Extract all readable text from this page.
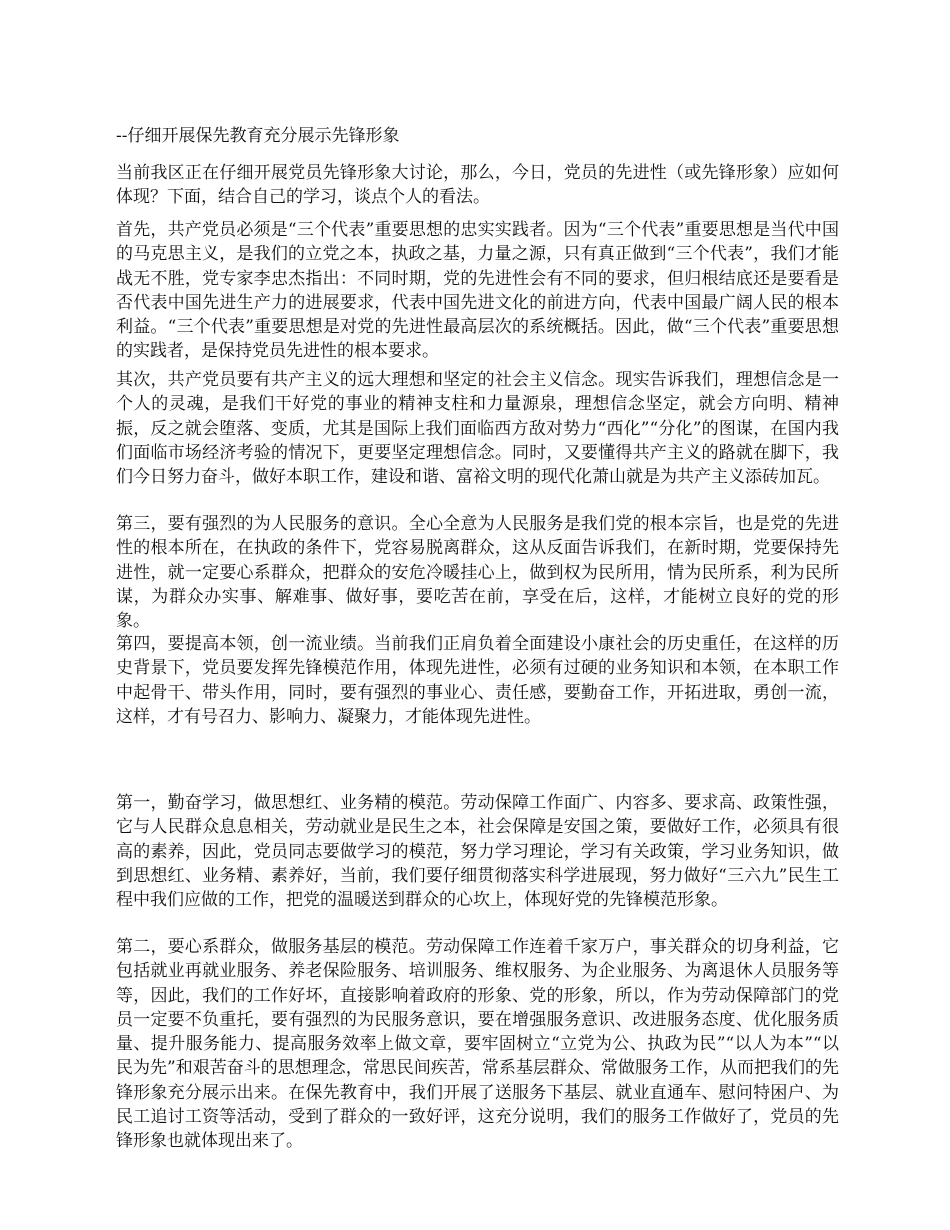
--仔细开展保先教育充分展示先锋形象

当前我区正在仔细开展党员先锋形象大讨论，那么，今日，党员的先进性（或先锋形象）应如何体现？下面，结合自己的学习，谈点个人的看法。

首先，共产党员必须是“三个代表”重要思想的忠实实践者。因为“三个代表”重要思想是当代中国的马克思主义，是我们的立党之本，执政之基，力量之源，只有真正做到“三个代表”，我们才能战无不胜，党专家李忠杰指出：不同时期，党的先进性会有不同的要求，但归根结底还是要看是否代表中国先进生产力的进展要求，代表中国先进文化的前进方向，代表中国最广阔人民的根本利益。“三个代表”重要思想是对党的先进性最高层次的系统概括。因此，做“三个代表”重要思想的实践者，是保持党员先进性的根本要求。

其次，共产党员要有共产主义的远大理想和坚定的社会主义信念。现实告诉我们，理想信念是一个人的灵魂，是我们干好党的事业的精神支柱和力量源泉，理想信念坚定，就会方向明、精神振，反之就会堕落、变质，尤其是国际上我们面临西方敌对势力“西化”“分化”的图谋，在国内我们面临市场经济考验的情况下，更要坚定理想信念。同时，又要懂得共产主义的路就在脚下，我们今日努力奋斗，做好本职工作，建设和谐、富裕文明的现代化萧山就是为共产主义添砖加瓦。

第三，要有强烈的为人民服务的意识。全心全意为人民服务是我们党的根本宗旨，也是党的先进性的根本所在，在执政的条件下，党容易脱离群众，这从反面告诉我们，在新时期，党要保持先进性，就一定要心系群众，把群众的安危冷暖挂心上，做到权为民所用，情为民所系，利为民所谋，为群众办实事、解难事、做好事，要吃苦在前，享受在后，这样，才能树立良好的党的形象。

第四，要提高本领，创一流业绩。当前我们正肩负着全面建设小康社会的历史重任，在这样的历史背景下，党员要发挥先锋模范作用，体现先进性，必须有过硬的业务知识和本领，在本职工作中起骨干、带头作用，同时，要有强烈的事业心、责任感，要勤奋工作，开拓进取，勇创一流，这样，才有号召力、影响力、凝聚力，才能体现先进性。

第一，勤奋学习，做思想红、业务精的模范。劳动保障工作面广、内容多、要求高、政策性强，它与人民群众息息相关，劳动就业是民生之本，社会保障是安国之策，要做好工作，必须具有很高的素养，因此，党员同志要做学习的模范，努力学习理论，学习有关政策，学习业务知识，做到思想红、业务精、素养好，当前，我们要仔细贯彻落实科学进展现，努力做好“三六九”民生工程中我们应做的工作，把党的温暖送到群众的心坎上，体现好党的先锋模范形象。

第二，要心系群众，做服务基层的模范。劳动保障工作连着千家万户，事关群众的切身利益，它包括就业再就业服务、养老保险服务、培训服务、维权服务、为企业服务、为离退休人员服务等等，因此，我们的工作好坏，直接影响着政府的形象、党的形象，所以，作为劳动保障部门的党员一定要不负重托，要有强烈的为民服务意识，要在增强服务意识、改进服务态度、优化服务质量、提升服务能力、提高服务效率上做文章，要牢固树立“立党为公、执政为民”“以人为本”“以民为先”和艰苦奋斗的思想理念，常思民间疾苦，常系基层群众、常做服务工作，从而把我们的先锋形象充分展示出来。在保先教育中，我们开展了送服务下基层、就业直通车、慰问特困户、为民工追讨工资等活动，受到了群众的一致好评，这充分说明，我们的服务工作做好了，党员的先锋形象也就体现出来了。
